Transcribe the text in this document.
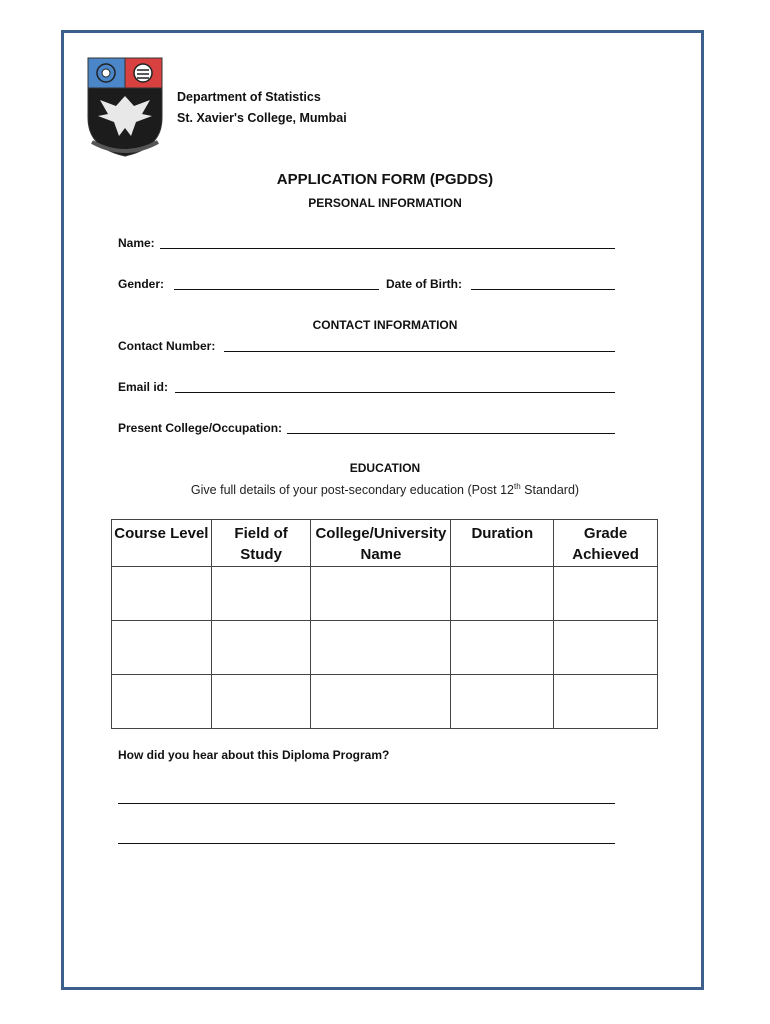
Department of Statistics
St. Xavier's College, Mumbai
APPLICATION FORM (PGDDS)
PERSONAL INFORMATION
Name:
Gender:	Date of Birth:
CONTACT INFORMATION
Contact Number:
Email id:
Present College/Occupation:
EDUCATION
Give full details of your post-secondary education (Post 12th Standard)
Course Level	Field of Study	College/University Name	Duration	Grade Achieved

How did you hear about this Diploma Program?
